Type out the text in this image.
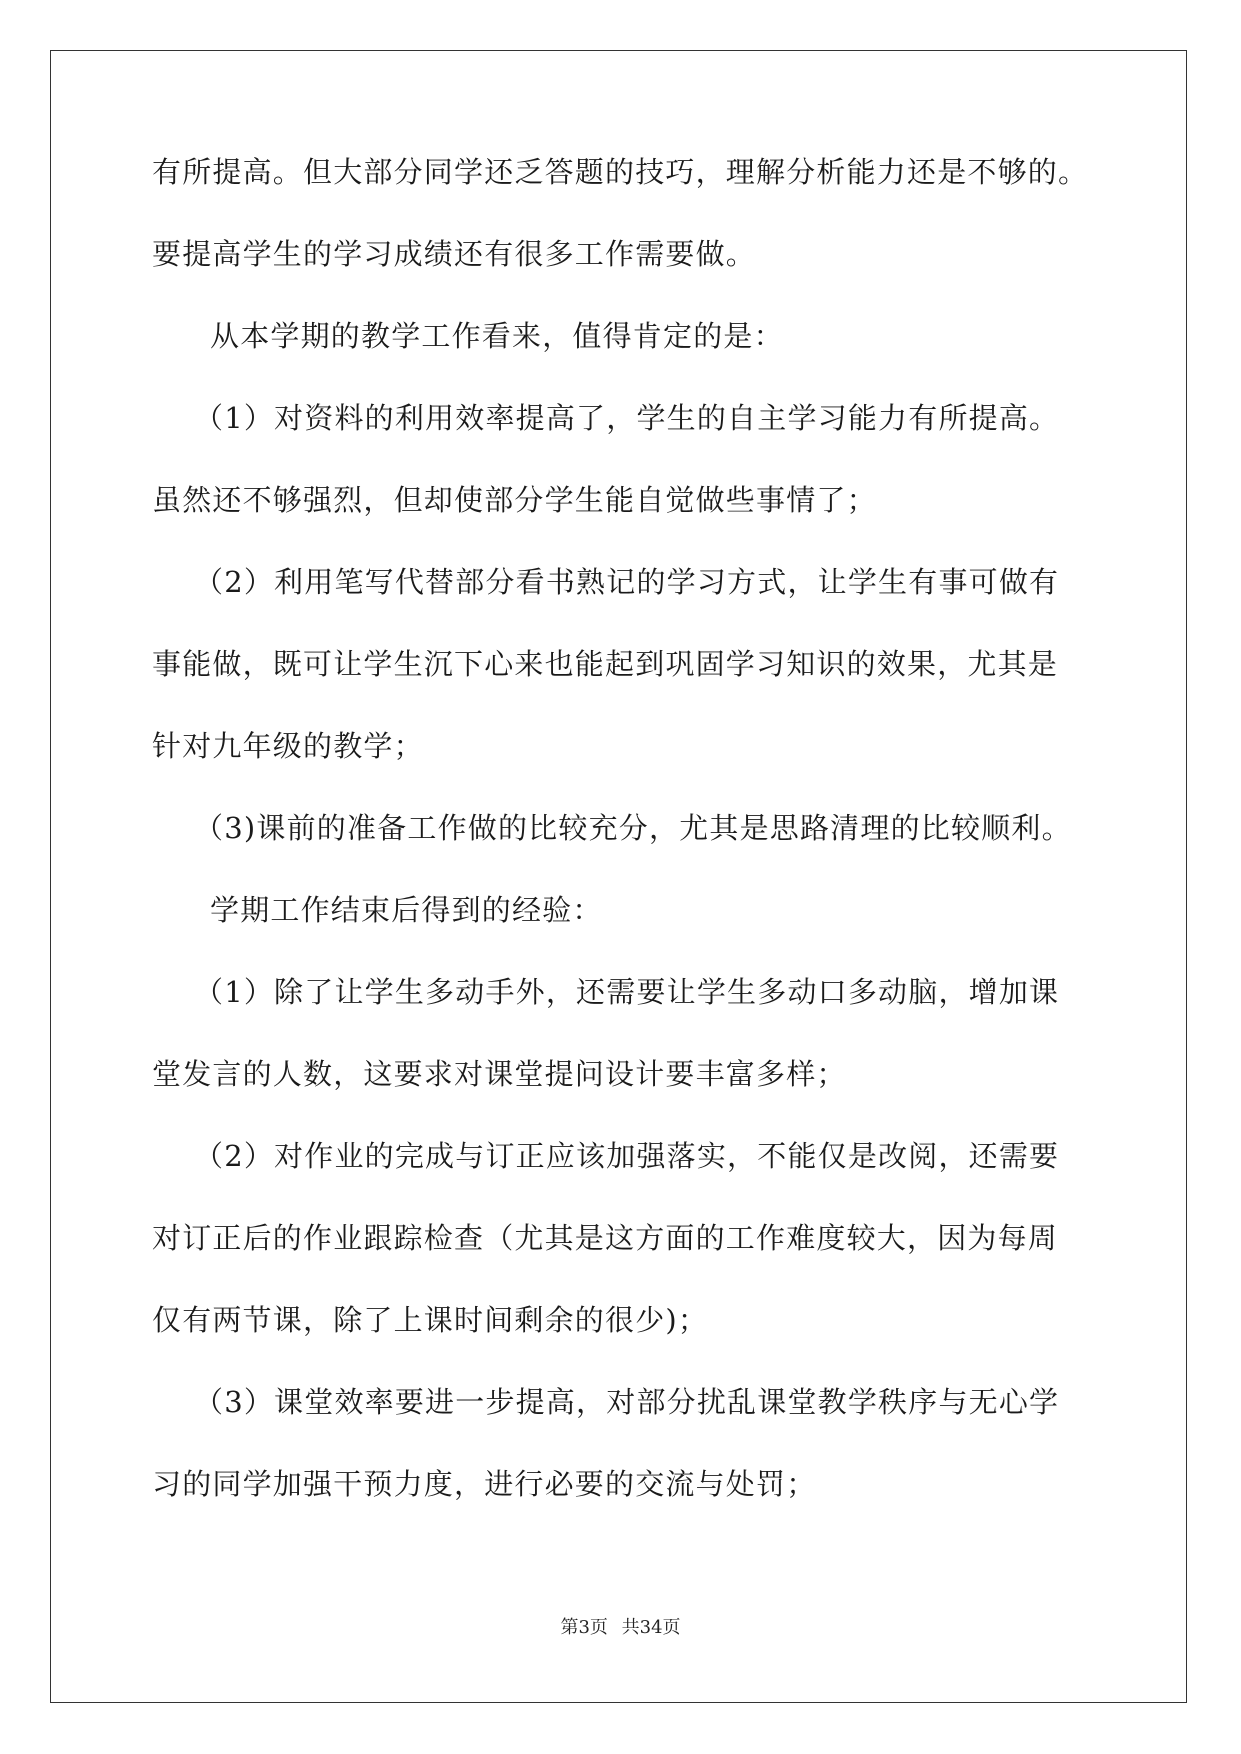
有所提高。但大部分同学还乏答题的技巧，理解分析能力还是不够的。
要提高学生的学习成绩还有很多工作需要做。
从本学期的教学工作看来，值得肯定的是：
（1）对资料的利用效率提高了，学生的自主学习能力有所提高。
虽然还不够强烈，但却使部分学生能自觉做些事情了；
（2）利用笔写代替部分看书熟记的学习方式，让学生有事可做有
事能做，既可让学生沉下心来也能起到巩固学习知识的效果，尤其是
针对九年级的教学；
（3)课前的准备工作做的比较充分，尤其是思路清理的比较顺利。
学期工作结束后得到的经验：
（1）除了让学生多动手外，还需要让学生多动口多动脑，增加课
堂发言的人数，这要求对课堂提问设计要丰富多样；
（2）对作业的完成与订正应该加强落实，不能仅是改阅，还需要
对订正后的作业跟踪检查（尤其是这方面的工作难度较大，因为每周
仅有两节课，除了上课时间剩余的很少)；
（3）课堂效率要进一步提高，对部分扰乱课堂教学秩序与无心学
习的同学加强干预力度，进行必要的交流与处罚；
第3页 共34页
